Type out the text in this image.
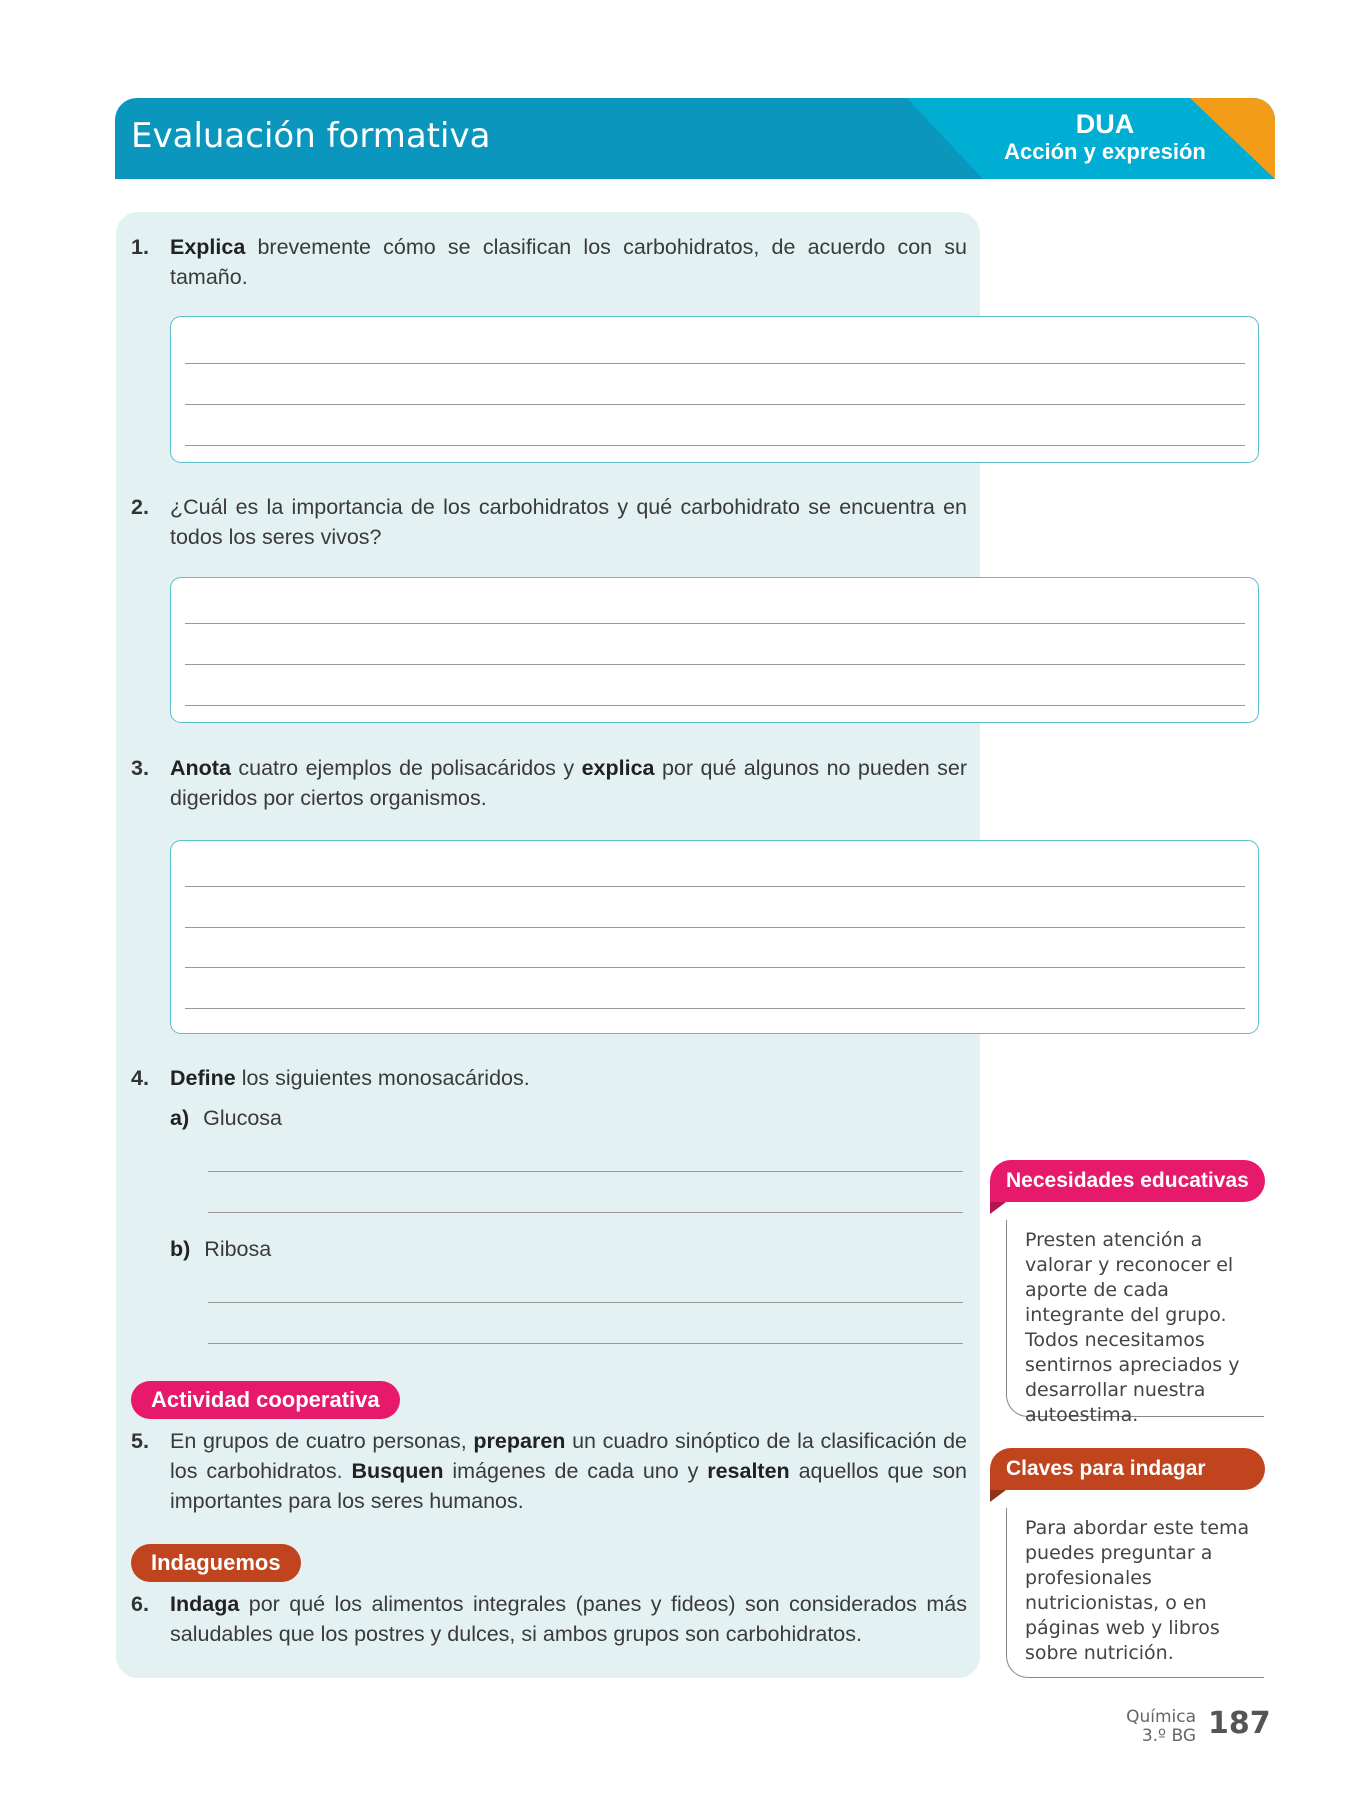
Evaluación formativa	DUA
Acción y expresión
1. Explica brevemente cómo se clasifican los carbohidratos, de acuerdo con su tamaño.
2. ¿Cuál es la importancia de los carbohidratos y qué carbohidrato se encuentra en todos los seres vivos?
3. Anota cuatro ejemplos de polisacáridos y explica por qué algunos no pueden ser digeridos por ciertos organismos.
4. Define los siguientes monosacáridos.
a) Glucosa
b) Ribosa
Actividad cooperativa
5. En grupos de cuatro personas, preparen un cuadro sinóptico de la clasificación de los carbohidratos. Busquen imágenes de cada uno y resalten aquellos que son importantes para los seres humanos.
Indaguemos
6. Indaga por qué los alimentos integrales (panes y fideos) son considerados más saludables que los postres y dulces, si ambos grupos son carbohidratos.
Necesidades educativas
Presten atención a valorar y reconocer el aporte de cada integrante del grupo. Todos necesitamos sentirnos apreciados y desarrollar nuestra autoestima.
Claves para indagar
Para abordar este tema puedes preguntar a profesionales nutricionistas, o en páginas web y libros sobre nutrición.
Química
3.º BG 187
